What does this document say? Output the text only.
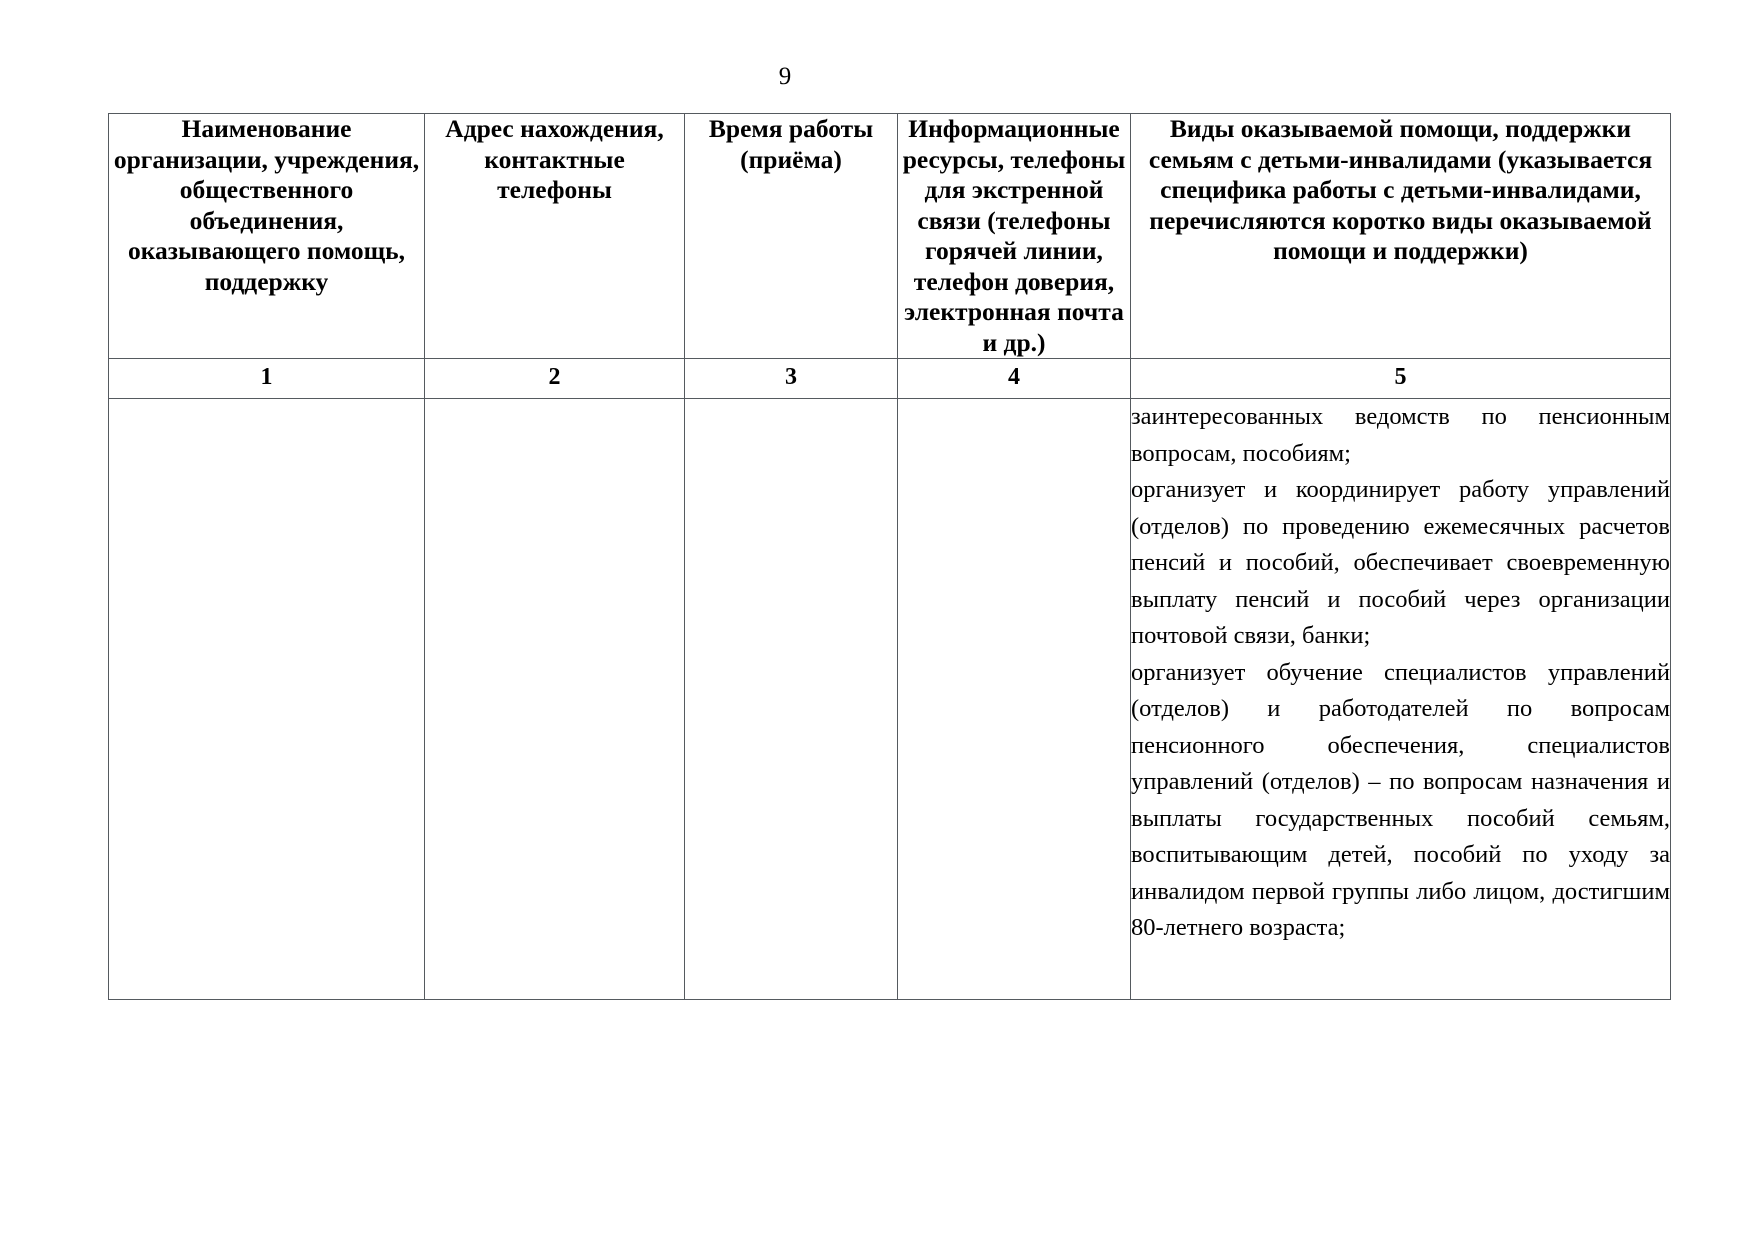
9
Наименование организации, учреждения, общественного объединения, оказывающего помощь, поддержку	Адрес нахождения, контактные телефоны	Время работы (приёма)	Информационные ресурсы, телефоны для экстренной связи (телефоны горячей линии, телефон доверия, электронная почта и др.)	Виды оказываемой помощи, поддержки семьям с детьми-инвалидами (указывается специфика работы с детьми-инвалидами, перечисляются коротко виды оказываемой помощи и поддержки)
1	2	3	4	5

				заинтересованных ведомств по пенсионным вопросам, пособиям;

организует и координирует работу управлений (отделов) по проведению ежемесячных расчетов пенсий и пособий, обеспечивает своевременную выплату пенсий и пособий через организации почтовой связи, банки;

организует обучение специалистов управлений (отделов) и работодателей по вопросам пенсионного обеспечения, специалистов управлений (отделов) – по вопросам назначения и выплаты государственных пособий семьям, воспитывающим детей, пособий по уходу за инвалидом первой группы либо лицом, достигшим 80-летнего возраста;
